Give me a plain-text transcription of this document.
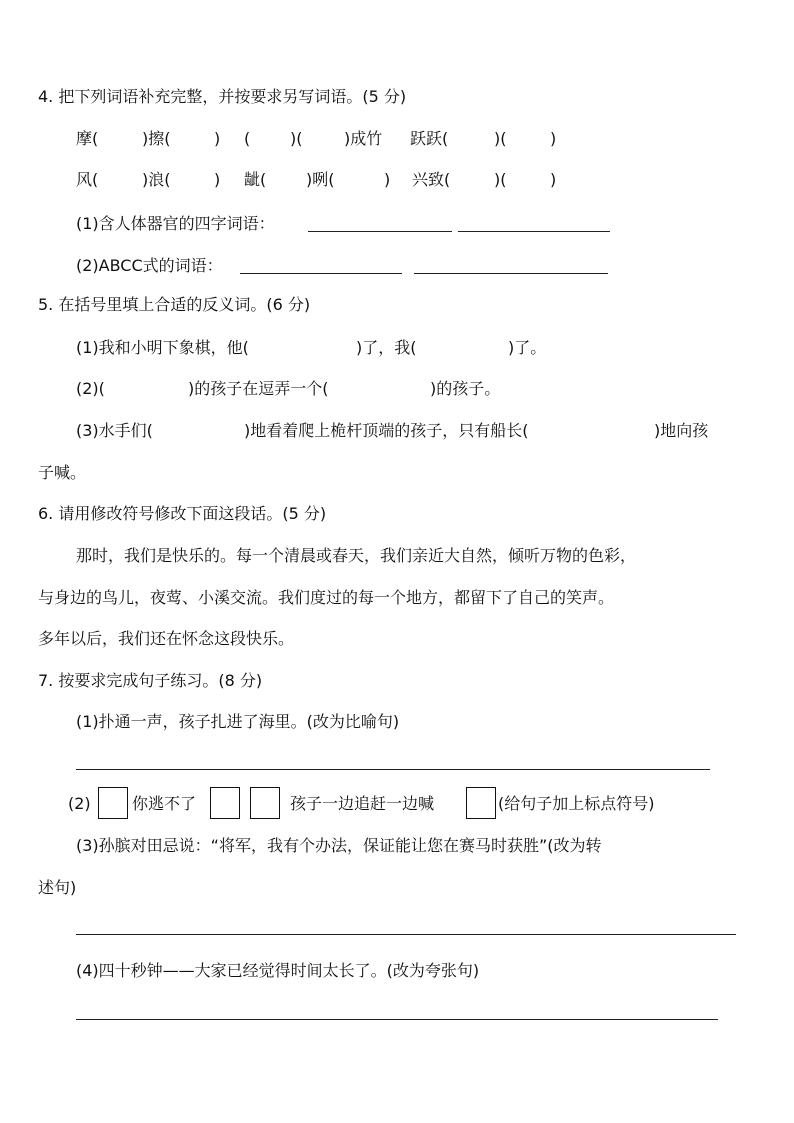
4. 把下列词语补充完整，并按要求另写词语。(5 分)
摩(	)擦(	) ( )(	)成竹 跃跃(	)(	)
风(	)浪(	) 龇( )咧(	) 兴致(	)(	)
(1)含人体器官的四字词语：
(2)ABCC式的词语：
5. 在括号里填上合适的反义词。(6 分)
(1)我和小明下象棋，他(	)了，我(	)了。
(2)(	)的孩子在逗弄一个(	)的孩子。
(3)水手们(	)地看着爬上桅杆顶端的孩子，只有船长(	)地向孩
子喊。
6. 请用修改符号修改下面这段话。(5 分)
那时，我们是快乐的。每一个清晨或春天，我们亲近大自然，倾听万物的色彩，
与身边的鸟儿，夜莺、小溪交流。我们度过的每一个地方，都留下了自己的笑声。
多年以后，我们还在怀念这段快乐。
7. 按要求完成句子练习。(8 分)
(1)扑通一声，孩子扎进了海里。(改为比喻句)
(2)	你逃不了	孩子一边追赶一边喊	(给句子加上标点符号)
(3)孙膑对田忌说：“将军，我有个办法，保证能让您在赛马时获胜”(改为转
述句)
(4)四十秒钟——大家已经觉得时间太长了。(改为夸张句)
